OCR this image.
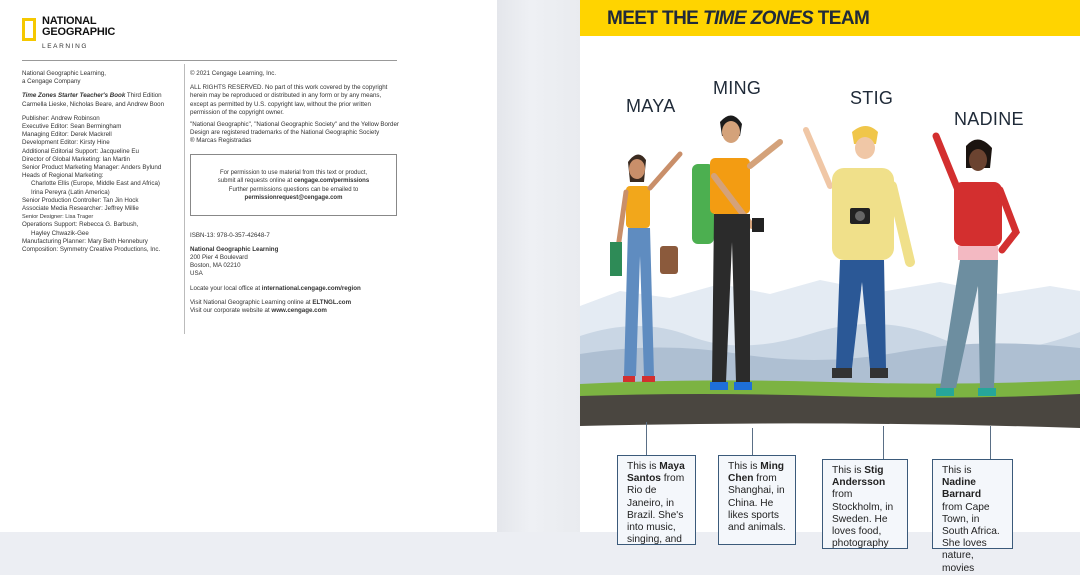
NATIONAL
GEOGRAPHIC
LEARNING
National Geographic Learning,
a Cengage Company
Time Zones Starter Teacher's Book Third Edition
Carmella Lieske, Nicholas Beare, and Andrew Boon
Publisher: Andrew Robinson
Executive Editor: Sean Bermingham
Managing Editor: Derek Mackrell
Development Editor: Kirsty Hine
Additional Editorial Support: Jacqueline Eu
Director of Global Marketing: Ian Martin
Senior Product Marketing Manager: Anders Bylund
Heads of Regional Marketing:
Charlotte Ellis (Europe, Middle East and Africa)
Irina Pereyra (Latin America)
Senior Production Controller: Tan Jin Hock
Associate Media Researcher: Jeffrey Millie
Senior Designer: Lisa Trager
Operations Support: Rebecca G. Barbush,
Hayley Chwazik-Gee
Manufacturing Planner: Mary Beth Hennebury
Composition: Symmetry Creative Productions, Inc.
© 2021 Cengage Learning, Inc.
ALL RIGHTS RESERVED. No part of this work covered by the copyright herein may be reproduced or distributed in any form or by any means, except as permitted by U.S. copyright law, without the prior written permission of the copyright owner.
"National Geographic", "National Geographic Society" and the Yellow Border Design are registered trademarks of the National Geographic Society
® Marcas Registradas
For permission to use material from this text or product,
submit all requests online at cengage.com/permissions
Further permissions questions can be emailed to
permissionrequest@cengage.com
ISBN-13: 978-0-357-42648-7
National Geographic Learning
200 Pier 4 Boulevard
Boston, MA 02210
USA
Locate your local office at international.cengage.com/region
Visit National Geographic Learning online at ELTNGL.com
Visit our corporate website at www.cengage.com
MEET THE TIME ZONES TEAM
MAYA
MING	STIG
NADINE
This is Maya Santos from Rio de Janeiro, in Brazil. She's into music, singing, and
This is Ming Chen from Shanghai, in China. He likes sports and animals.
This is Stig Andersson from Stockholm, in Sweden. He loves food, photography
This is Nadine Barnard from Cape Town, in South Africa. She loves nature, movies
